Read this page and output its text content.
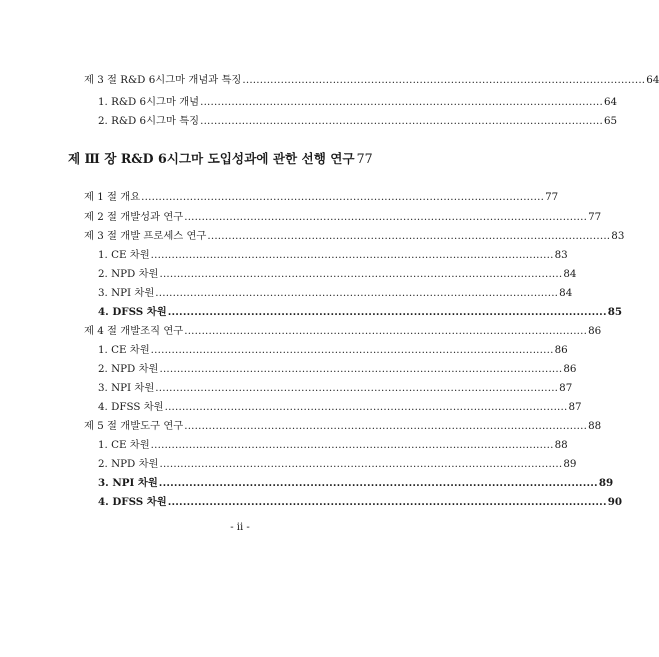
제 3 절 R&D 6시그마 개념과 특징 .................................................................................................................... 64
1. R&D 6시그마 개념 .................................................................................................................... 64
2. R&D 6시그마 특징 .................................................................................................................... 65
제 Ⅲ 장 R&D 6시그마 도입성과에 관한 선행 연구 77
제 1 절 개요 .................................................................................................................... 77
제 2 절 개발성과 연구 .................................................................................................................... 77
제 3 절 개발 프로세스 연구 .................................................................................................................... 83
1. CE 차원 .................................................................................................................... 83
2. NPD 차원 .................................................................................................................... 84
3. NPI 차원 .................................................................................................................... 84
4. DFSS 차원 .................................................................................................................... 85
제 4 절 개발조직 연구 .................................................................................................................... 86
1. CE 차원 .................................................................................................................... 86
2. NPD 차원 .................................................................................................................... 86
3. NPI 차원 .................................................................................................................... 87
4. DFSS 차원 .................................................................................................................... 87
제 5 절 개발도구 연구 .................................................................................................................... 88
1. CE 차원 .................................................................................................................... 88
2. NPD 차원 .................................................................................................................... 89
3. NPI 차원 .................................................................................................................... 89
4. DFSS 차원 .................................................................................................................... 90
- ii -
